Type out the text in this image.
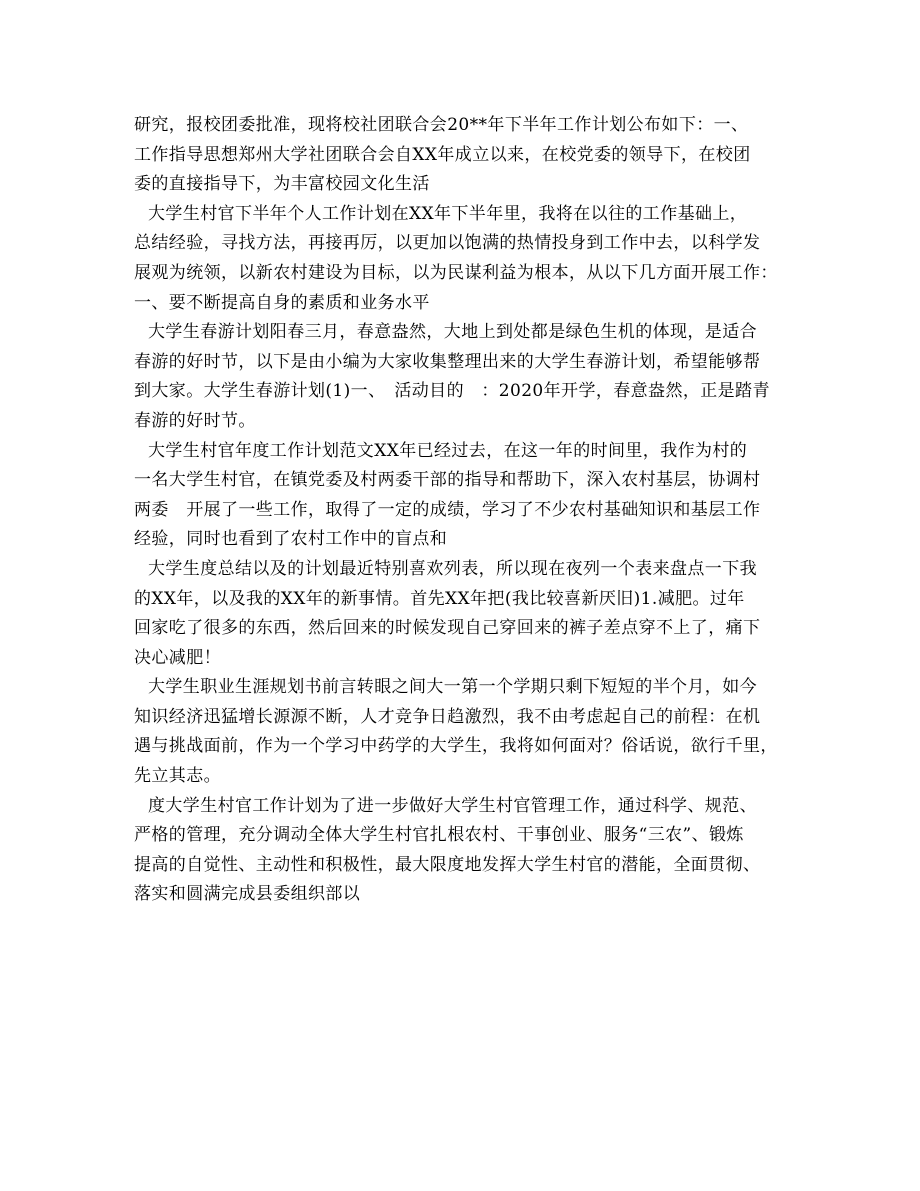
研究，报校团委批准，现将校社团联合会20**年下半年工作计划公布如下：一、
工作指导思想郑州大学社团联合会自XX年成立以来，在校党委的领导下，在校团
委的直接指导下，为丰富校园文化生活

大学生村官下半年个人工作计划在XX年下半年里，我将在以往的工作基础上，
总结经验，寻找方法，再接再厉，以更加以饱满的热情投身到工作中去，以科学发
展观为统领，以新农村建设为目标，以为民谋利益为根本，从以下几方面开展工作：
一、要不断提高自身的素质和业务水平

大学生春游计划阳春三月，春意盎然，大地上到处都是绿色生机的体现，是适合
春游的好时节，以下是由小编为大家收集整理出来的大学生春游计划，希望能够帮
到大家。大学生春游计划(1)一、　活动目的　：2020年开学，春意盎然，正是踏青
春游的好时节。

大学生村官年度工作计划范文XX年已经过去，在这一年的时间里，我作为村的
一名大学生村官，在镇党委及村两委干部的指导和帮助下，深入农村基层，协调村
两委　开展了一些工作，取得了一定的成绩，学习了不少农村基础知识和基层工作
经验，同时也看到了农村工作中的盲点和

大学生度总结以及的计划最近特别喜欢列表，所以现在夜列一个表来盘点一下我
的XX年，以及我的XX年的新事情。首先XX年把(我比较喜新厌旧)1.减肥。过年
回家吃了很多的东西，然后回来的时候发现自己穿回来的裤子差点穿不上了，痛下
决心减肥！

大学生职业生涯规划书前言转眼之间大一第一个学期只剩下短短的半个月，如今
知识经济迅猛增长源源不断，人才竞争日趋激烈，我不由考虑起自己的前程：在机
遇与挑战面前，作为一个学习中药学的大学生，我将如何面对？俗话说，欲行千里，
先立其志。

度大学生村官工作计划为了进一步做好大学生村官管理工作，通过科学、规范、
严格的管理，充分调动全体大学生村官扎根农村、干事创业、服务“三农”、锻炼
提高的自觉性、主动性和积极性，最大限度地发挥大学生村官的潜能，全面贯彻、
落实和圆满完成县委组织部以
